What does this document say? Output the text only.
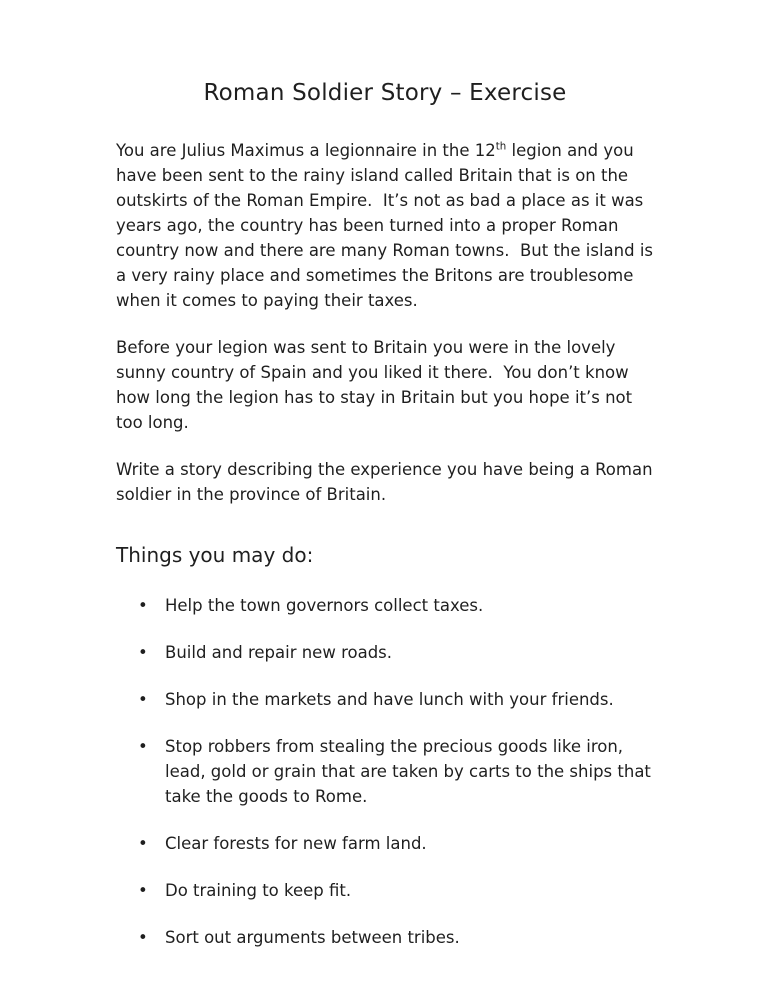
Roman Soldier Story – Exercise

You are Julius Maximus a legionnaire in the 12th legion and you have been sent to the rainy island called Britain that is on the outskirts of the Roman Empire.  It’s not as bad a place as it was years ago, the country has been turned into a proper Roman country now and there are many Roman towns.  But the island is a very rainy place and sometimes the Britons are troublesome when it comes to paying their taxes.

Before your legion was sent to Britain you were in the lovely sunny country of Spain and you liked it there.  You don’t know how long the legion has to stay in Britain but you hope it’s not too long.

Write a story describing the experience you have being a Roman soldier in the province of Britain.

Things you may do:
• Help the town governors collect taxes.
• Build and repair new roads.
• Shop in the markets and have lunch with your friends.
• Stop robbers from stealing the precious goods like iron, lead, gold or grain that are taken by carts to the ships that take the goods to Rome.
• Clear forests for new farm land.
• Do training to keep fit.
• Sort out arguments between tribes.
